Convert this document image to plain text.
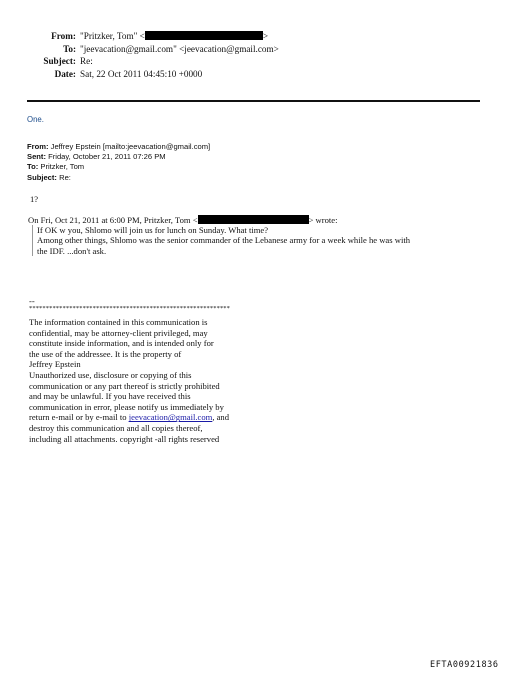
From: "Pritzker, Tom" <	>
To: "jeevacation@gmail.com" <jeevacation@gmail.com>
Subject: Re:
Date: Sat, 22 Oct 2011 04:45:10 +0000
One.
From: Jeffrey Epstein [mailto:jeevacation@gmail.com]
Sent: Friday, October 21, 2011 07:26 PM
To: Pritzker, Tom
Subject: Re:
1?
On Fri, Oct 21, 2011 at 6:00 PM, Pritzker, Tom <	> wrote:
If OK w you, Shlomo will join us for lunch on Sunday. What time?
Among other things, Shlomo was the senior commander of the Lebanese army for a week while he was with
the IDF. ...don't ask.
--
************************************************************
The information contained in this communication is
confidential, may be attorney-client privileged, may
constitute inside information, and is intended only for
the use of the addressee. It is the property of
Jeffrey Epstein
Unauthorized use, disclosure or copying of this
communication or any part thereof is strictly prohibited
and may be unlawful. If you have received this
communication in error, please notify us immediately by
return e-mail or by e-mail to jeevacation@gmail.com, and
destroy this communication and all copies thereof,
including all attachments. copyright -all rights reserved
EFTA00921836
